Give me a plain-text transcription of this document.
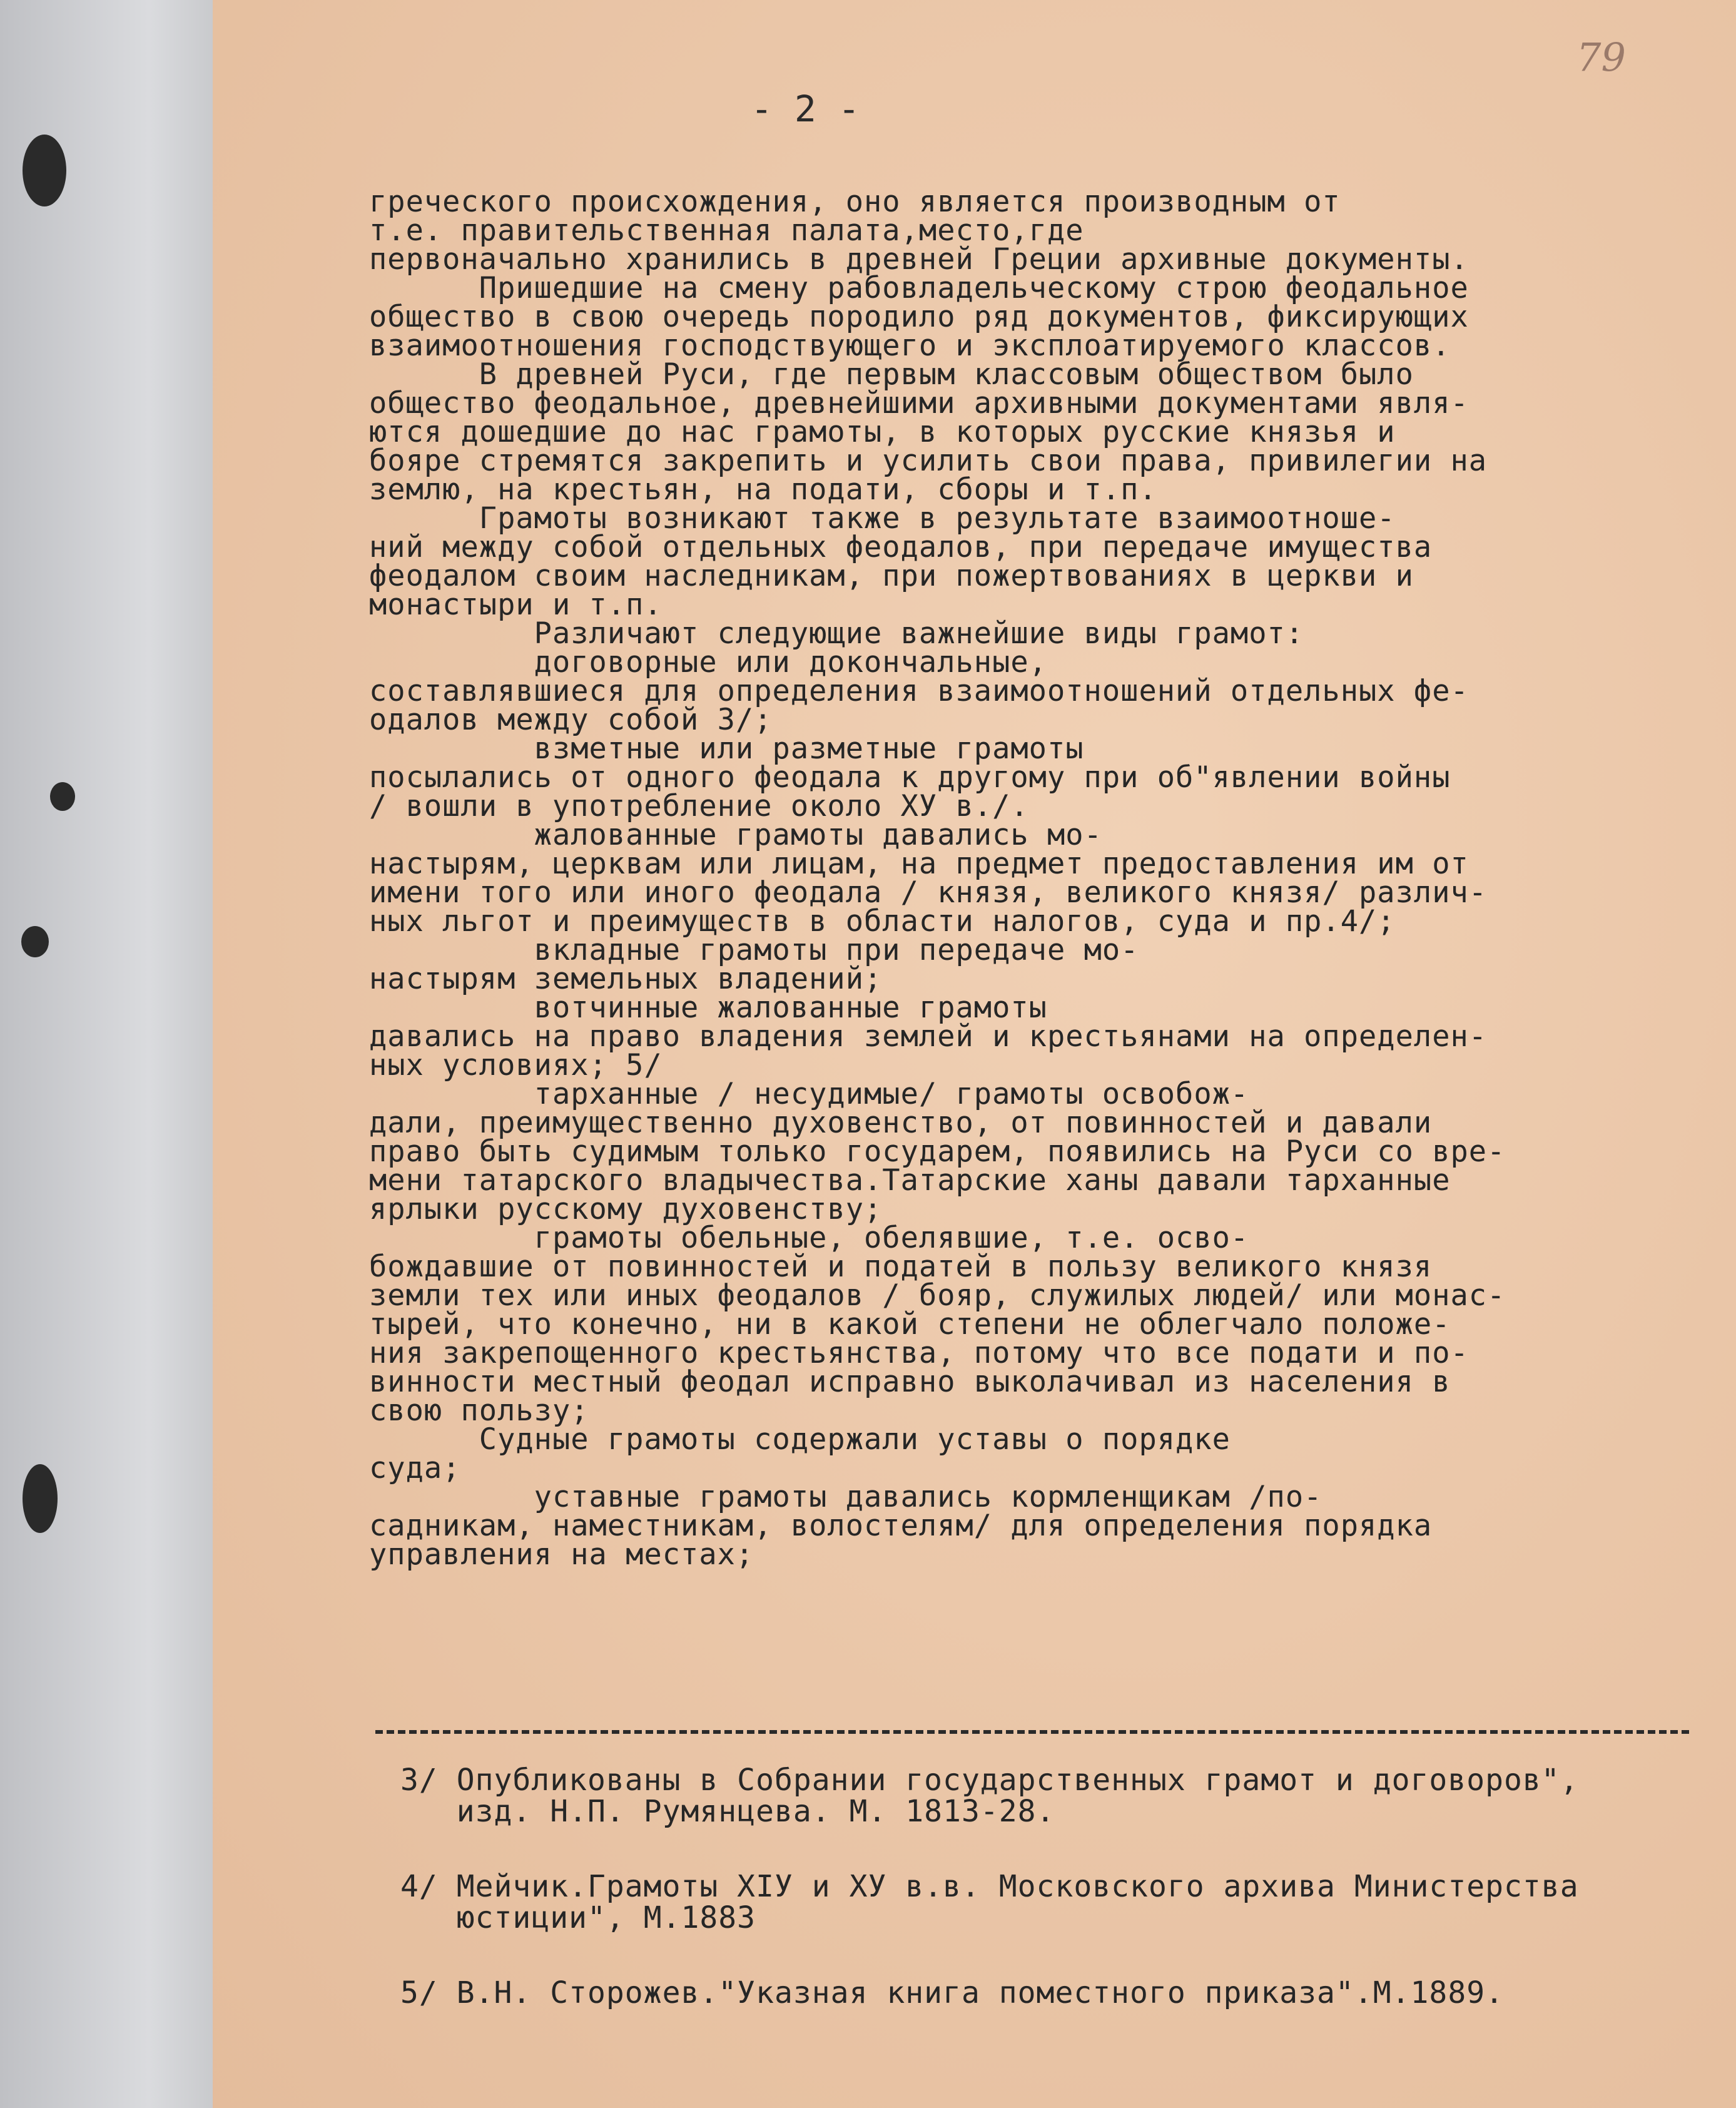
- 2 -
79

греческого происхождения, оно является производным от

т.е. правительственная палата,место,где

первоначально хранились в древней Греции архивные документы.

Пришедшие на смену рабовладельческому строю феодальное

общество в свою очередь породило ряд документов, фиксирующих

взаимоотношения господствующего и эксплоатируемого классов.

В древней Руси, где первым классовым обществом было

общество феодальное, древнейшими архивными документами явля-

ются дошедшие до нас грамоты, в которых русские князья и

бояре стремятся закрепить и усилить свои права, привилегии на

землю, на крестьян, на подати, сборы и т.п.

Грамоты возникают также в результате взаимоотноше-

ний между собой отдельных феодалов, при передаче имущества

феодалом своим наследникам, при пожертвованиях в церкви и

монастыри и т.п.

Различают следующие важнейшие виды грамот:

договорные или докончальные,

составлявшиеся для определения взаимоотношений отдельных фе-

одалов между собой 3/;

взметные или разметные грамоты

посылались от одного феодала к другому при об"явлении войны

/ вошли в употребление около ХУ в./.

жалованные грамоты давались мо-

настырям, церквам или лицам, на предмет предоставления им от

имени того или иного феодала / князя, великого князя/ различ-

ных льгот и преимуществ в области налогов, суда и пр.4/;

вкладные грамоты при передаче мо-

настырям земельных владений;

вотчинные жалованные грамоты

давались на право владения землей и крестьянами на определен-

ных условиях; 5/

тарханные / несудимые/ грамоты освобож-

дали, преимущественно духовенство, от повинностей и давали

право быть судимым только государем, появились на Руси со вре-

мени татарского владычества.Татарские ханы давали тарханные

ярлыки русскому духовенству;

грамоты обельные, обелявшие, т.е. осво-

бождавшие от повинностей и податей в пользу великого князя

земли тех или иных феодалов / бояр, служилых людей/ или монас-

тырей, что конечно, ни в какой степени не облегчало положе-

ния закрепощенного крестьянства, потому что все подати и по-

винности местный феодал исправно выколачивал из населения в

свою пользу;

Судные грамоты содержали уставы о порядке

суда;

уставные грамоты давались кормленщикам /по-

садникам, наместникам, волостелям/ для определения порядка

управления на местах;

3/ Опубликованы в Собрании государственных грамот и договоров",

изд. Н.П. Румянцева. М. 1813-28.

4/ Мейчик.Грамоты XIУ и ХУ в.в. Московского архива Министерства

юстиции", М.1883

5/ В.Н. Сторожев."Указная книга поместного приказа".М.1889.
